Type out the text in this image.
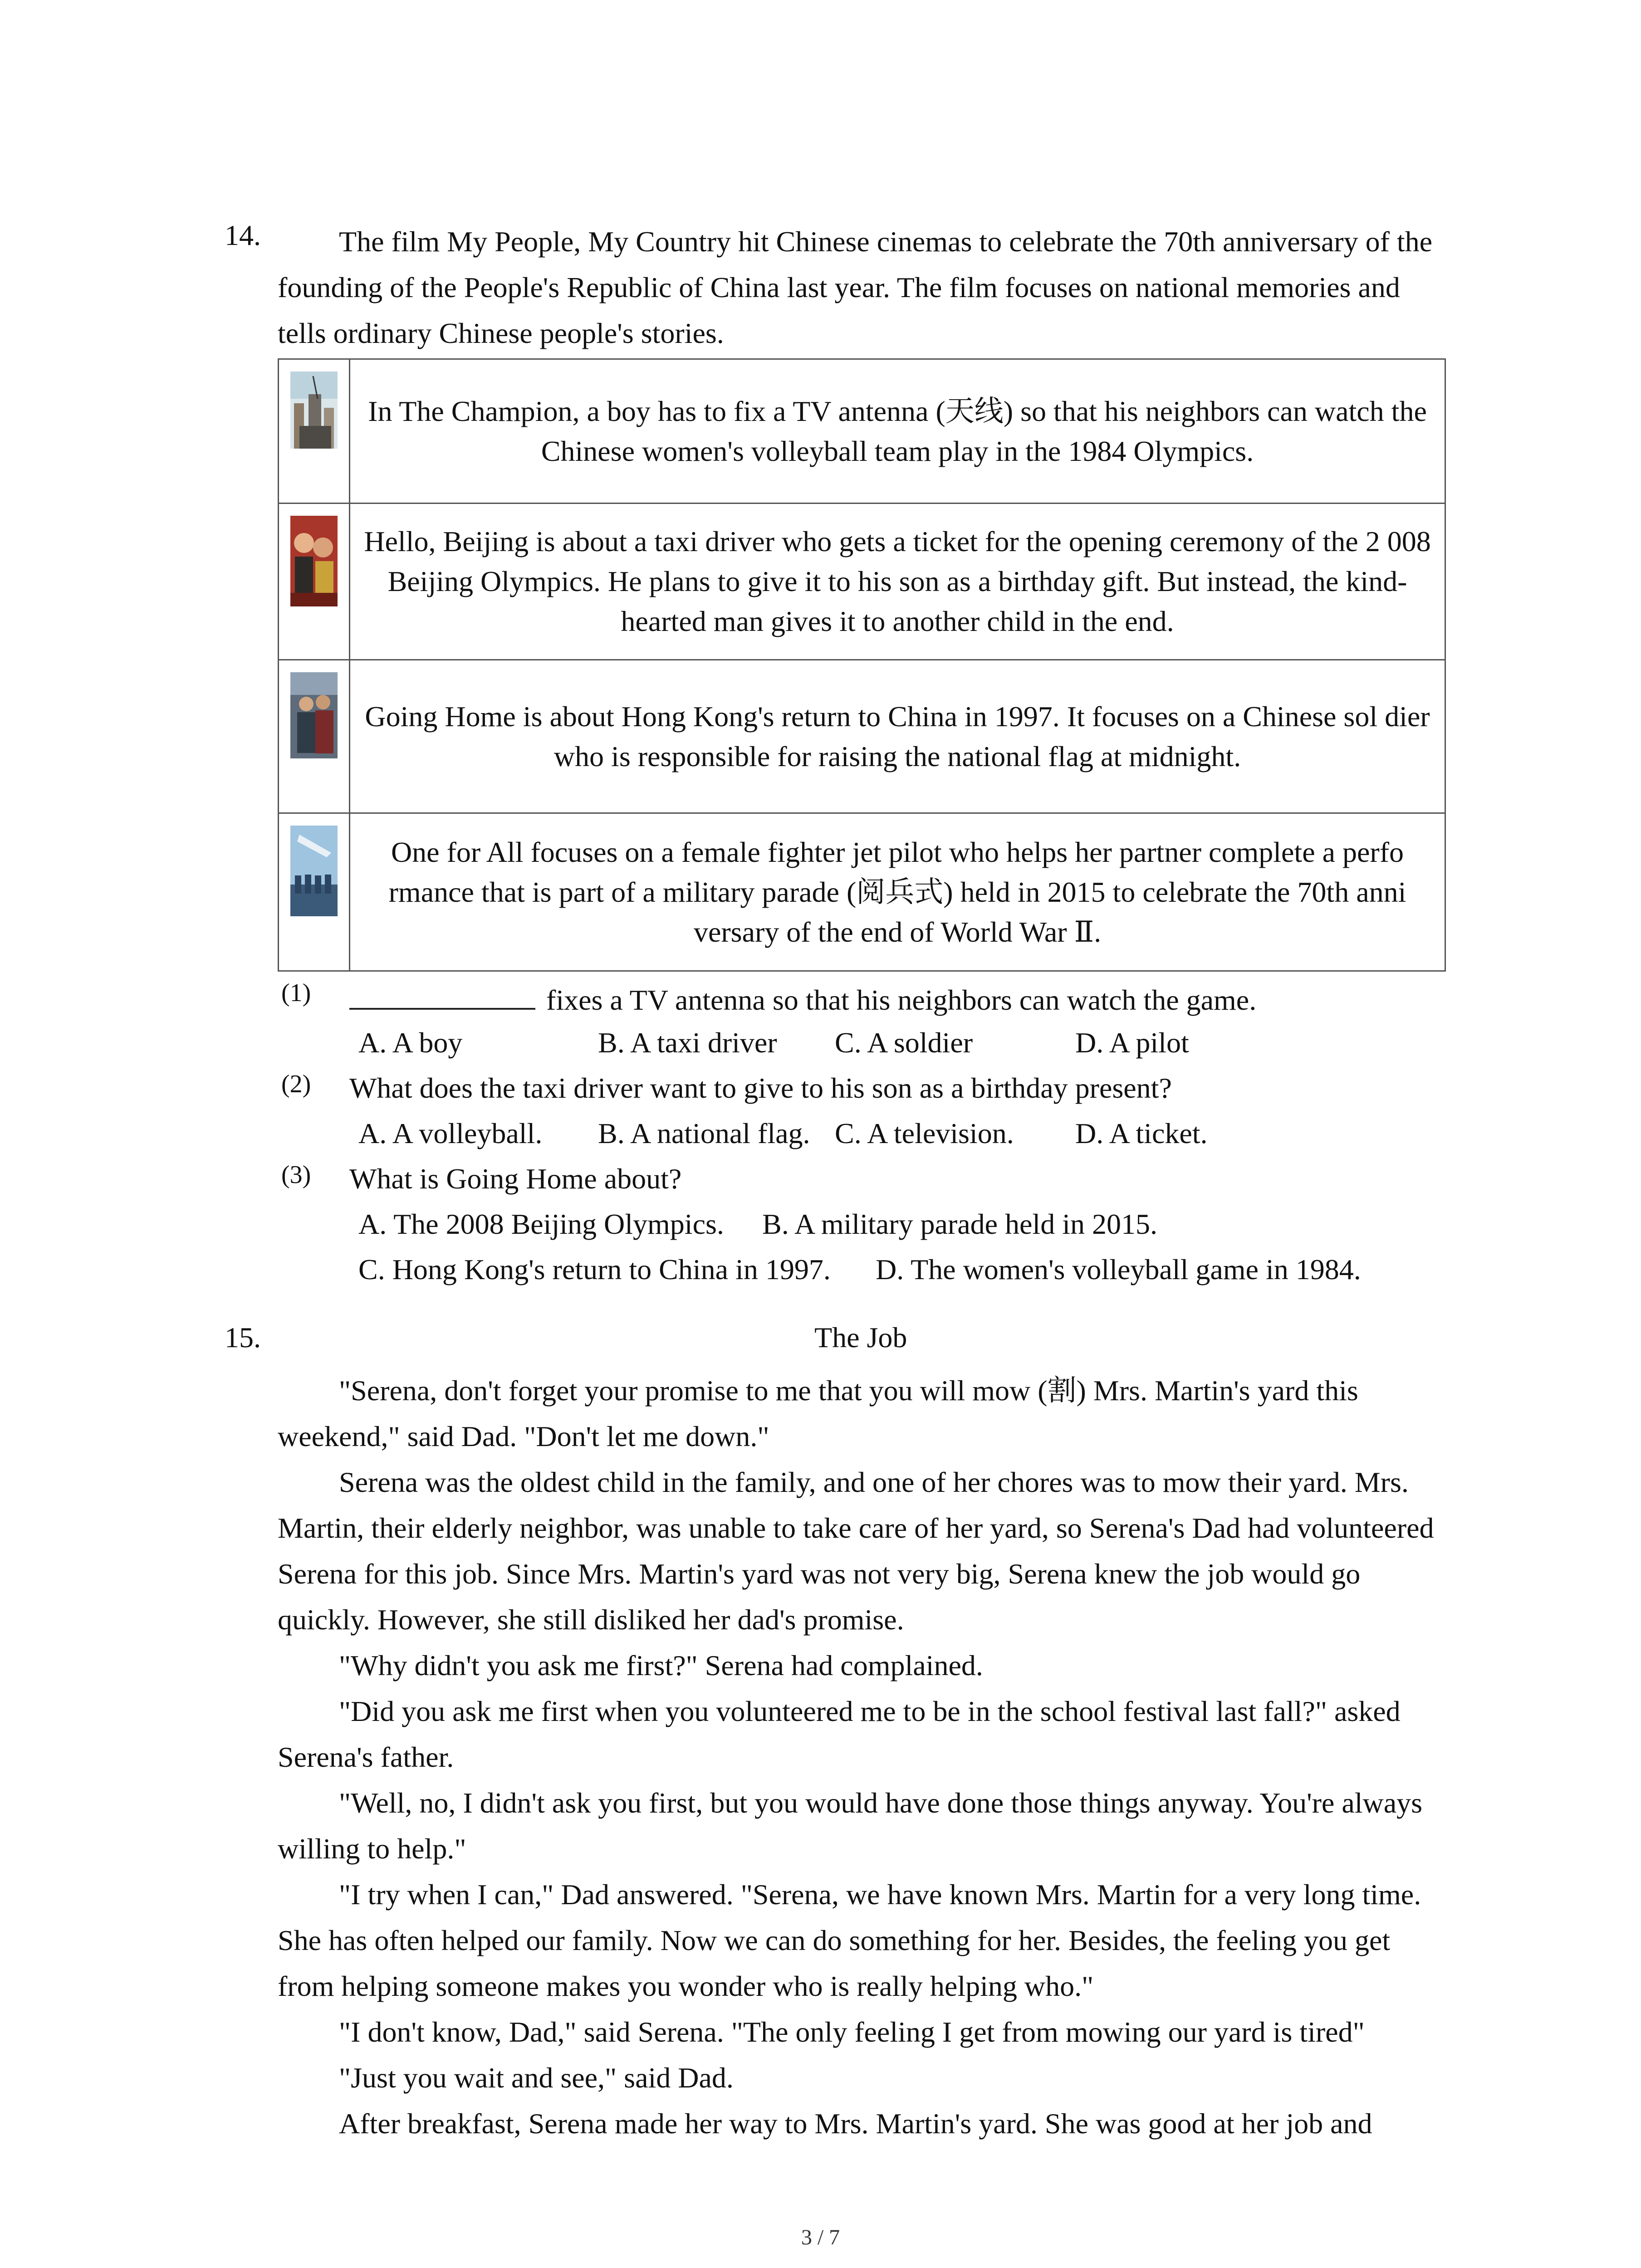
14.	The film My People, My Country hit Chinese cinemas to celebrate the 70th anniversary of the founding of the People's Republic of China last year. The film focuses on national memories and tells ordinary Chinese people's stories.
	In The Champion, a boy has to fix a TV antenna (天线) so that his neighbors can watch the Chinese women's volleyball team play in the 1984 Olympics.
	Hello, Beijing is about a taxi driver who gets a ticket for the opening ceremony of the 2 008 Beijing Olympics. He plans to give it to his son as a birthday gift. But instead, the kind-hearted man gives it to another child in the end.
	Going Home is about Hong Kong's return to China in 1997. It focuses on a Chinese sol dier who is responsible for raising the national flag at midnight.
	One for All focuses on a female fighter jet pilot who helps her partner complete a perfo rmance that is part of a military parade (阅兵式) held in 2015 to celebrate the 70th anni versary of the end of World War Ⅱ.
(1)	fixes a TV antenna so that his neighbors can watch the game.
A. A boy	B. A taxi driver C. A soldier	D. A pilot
(2) What does the taxi driver want to give to his son as a birthday present?
A. A volleyball. B. A national flag. C. A television. D. A ticket.
(3) What is Going Home about?
A. The 2008 Beijing Olympics. B. A military parade held in 2015.
C. Hong Kong's return to China in 1997. D. The women's volleyball game in 1984.
15.	The Job

"Serena, don't forget your promise to me that you will mow (割) Mrs. Martin's yard this weekend," said Dad. "Don't let me down."

Serena was the oldest child in the family, and one of her chores was to mow their yard. Mrs. Martin, their elderly neighbor, was unable to take care of her yard, so Serena's Dad had volunteered Serena for this job. Since Mrs. Martin's yard was not very big, Serena knew the job would go quickly. However, she still disliked her dad's promise.

"Why didn't you ask me first?" Serena had complained.

"Did you ask me first when you volunteered me to be in the school festival last fall?" asked Serena's father.

"Well, no, I didn't ask you first, but you would have done those things anyway. You're always willing to help."

"I try when I can," Dad answered. "Serena, we have known Mrs. Martin for a very long time. She has often helped our family. Now we can do something for her. Besides, the feeling you get from helping someone makes you wonder who is really helping who."

"I don't know, Dad," said Serena. "The only feeling I get from mowing our yard is tired"

"Just you wait and see," said Dad.

After breakfast, Serena made her way to Mrs. Martin's yard. She was good at her job and

3 / 7
